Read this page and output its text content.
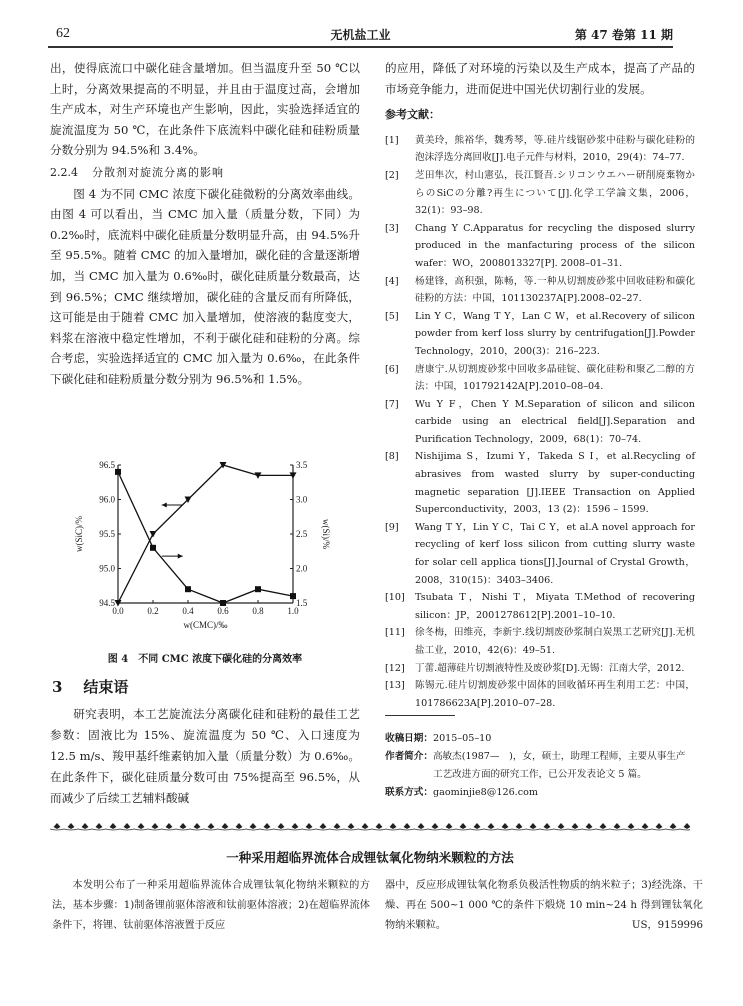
62	无机盐工业	第 47 卷第 11 期

出，使得底流口中碳化硅含量增加。但当温度升至 50 ℃以上时，分离效果提高的不明显，并且由于温度过高，会增加生产成本，对生产环境也产生影响，因此，实验选择适宜的旋流温度为 50 ℃，在此条件下底流料中碳化硅和硅粉质量分数分别为 94.5%和 3.4%。

2.2.4 分散剂对旋流分离的影响

图 4 为不同 CMC 浓度下碳化硅微粉的分离效率曲线。由图 4 可以看出，当 CMC 加入量（质量分数，下同）为 0.2‰时，底流料中碳化硅质量分数明显升高，由 94.5%升至 95.5%。随着 CMC 的加入量增加，碳化硅的含量逐渐增加，当 CMC 加入量为 0.6‰时，碳化硅质量分数最高，达到 96.5%；CMC 继续增加，碳化硅的含量反而有所降低，这可能是由于随着 CMC 加入量增加，使溶液的黏度变大，料浆在溶液中稳定性增加，不利于碳化硅和硅粉的分离。综合考虑，实验选择适宜的 CMC 加入量为 0.6‰，在此条件下碳化硅和硅粉质量分数分别为 96.5%和 1.5%。

0.0	0.2	0.4	0.6	0.8	1.0
94.5
95.0
95.5
96.0
96.5
1.5
2.0
2.5
3.0
3.5
w(CMC)/‰
w(SiC)/%	w(Si)/%
图 4　不同 CMC 浓度下碳化硅的分离效率
3 结束语
研究表明，本工艺旋流法分离碳化硅和硅粉的最佳工艺参数：固液比为 15%、旋流温度为 50 ℃、入口速度为 12.5 m/s、羧甲基纤维素钠加入量（质量分数）为 0.6‰。在此条件下，碳化硅质量分数可由 75%提高至 96.5%，从而减少了后续工艺辅料酸碱

的应用，降低了对环境的污染以及生产成本，提高了产品的市场竞争能力，进而促进中国光伏切割行业的发展。

参考文献：

[1]	黄美玲，熊裕华，魏秀琴，等.硅片线锯砂浆中硅粉与碳化硅粉的泡沫浮选分离回收[J].电子元件与材料，2010，29(4)：74–77.
[2]	芝田隼次，村山憲弘，長江賢吾.シリコンウエハー研削廃棄物からのSiCの分離?再生について[J].化学工学論文集，2006，32(1)：93–98.
[3]	Chang Y C.Apparatus for recycling the disposed slurry produced in the manfacturing process of the silicon wafer：WO，2008013327[P]. 2008–01–31.
[4]	杨建锋，高积强，陈畅，等.一种从切割废砂浆中回收硅粉和碳化硅粉的方法：中国，101130237A[P].2008–02–27.
[5]	Lin Y C，Wang T Y，Lan C W，et al.Recovery of silicon powder from kerf loss slurry by centrifugation[J].Powder Technology，2010，200(3)：216–223.
[6]	唐康宁.从切割废砂浆中回收多晶硅锭、碳化硅粉和聚乙二醇的方法：中国，101792142A[P].2010–08–04.
[7]	Wu Y F，Chen Y M.Separation of silicon and silicon carbide using an electrical field[J].Separation and Purification Technology，2009，68(1)：70–74.
[8]	Nishijima S，Izumi Y，Takeda S I，et al.Recycling of abrasives from wasted slurry by super-conducting magnetic separation [J].IEEE Transaction on Applied Superconductivity，2003，13 (2)：1596 – 1599.
[9]	Wang T Y，Lin Y C，Tai C Y，et al.A novel approach for recycling of kerf loss silicon from cutting slurry waste for solar cell applica tions[J].Journal of Crystal Growth，2008，310(15)：3403–3406.
[10]	Tsubata T，Nishi T，Miyata T.Method of recovering silicon：JP，2001278612[P].2001–10–10.
[11]	徐冬梅，田维亮，李新宇.线切割废砂浆制白炭黑工艺研究[J].无机盐工业，2010，42(6)：49–51.
[12]	丁蕾.超薄硅片切割液特性及废砂浆[D].无锡：江南大学，2012.
[13]	陈锡元.硅片切割废砂浆中固体的回收循环再生利用工艺：中国，101786623A[P].2010–07–28.
收稿日期：2015–05–10
作者简介：高敏杰(1987—　)，女，硕士，助理工程师，主要从事生产
工艺改进方面的研究工作，已公开发表论文 5 篇。
联系方式：gaominjie8@126.com
一种采用超临界流体合成锂钛氧化物纳米颗粒的方法
本发明公布了一种采用超临界流体合成锂钛氧化物纳米颗粒的方法，基本步骤：1)制备锂前驱体溶液和钛前驱体溶液；2)在超临界流体条件下，将锂、钛前驱体溶液置于反应
器中，反应形成锂钛氧化物系负极活性物质的纳米粒子；3)经洗涤、干燥、再在 500~1 000 ℃的条件下煅烧 10 min~24 h 得到锂钛氧化物纳米颗粒。	US，9159996
